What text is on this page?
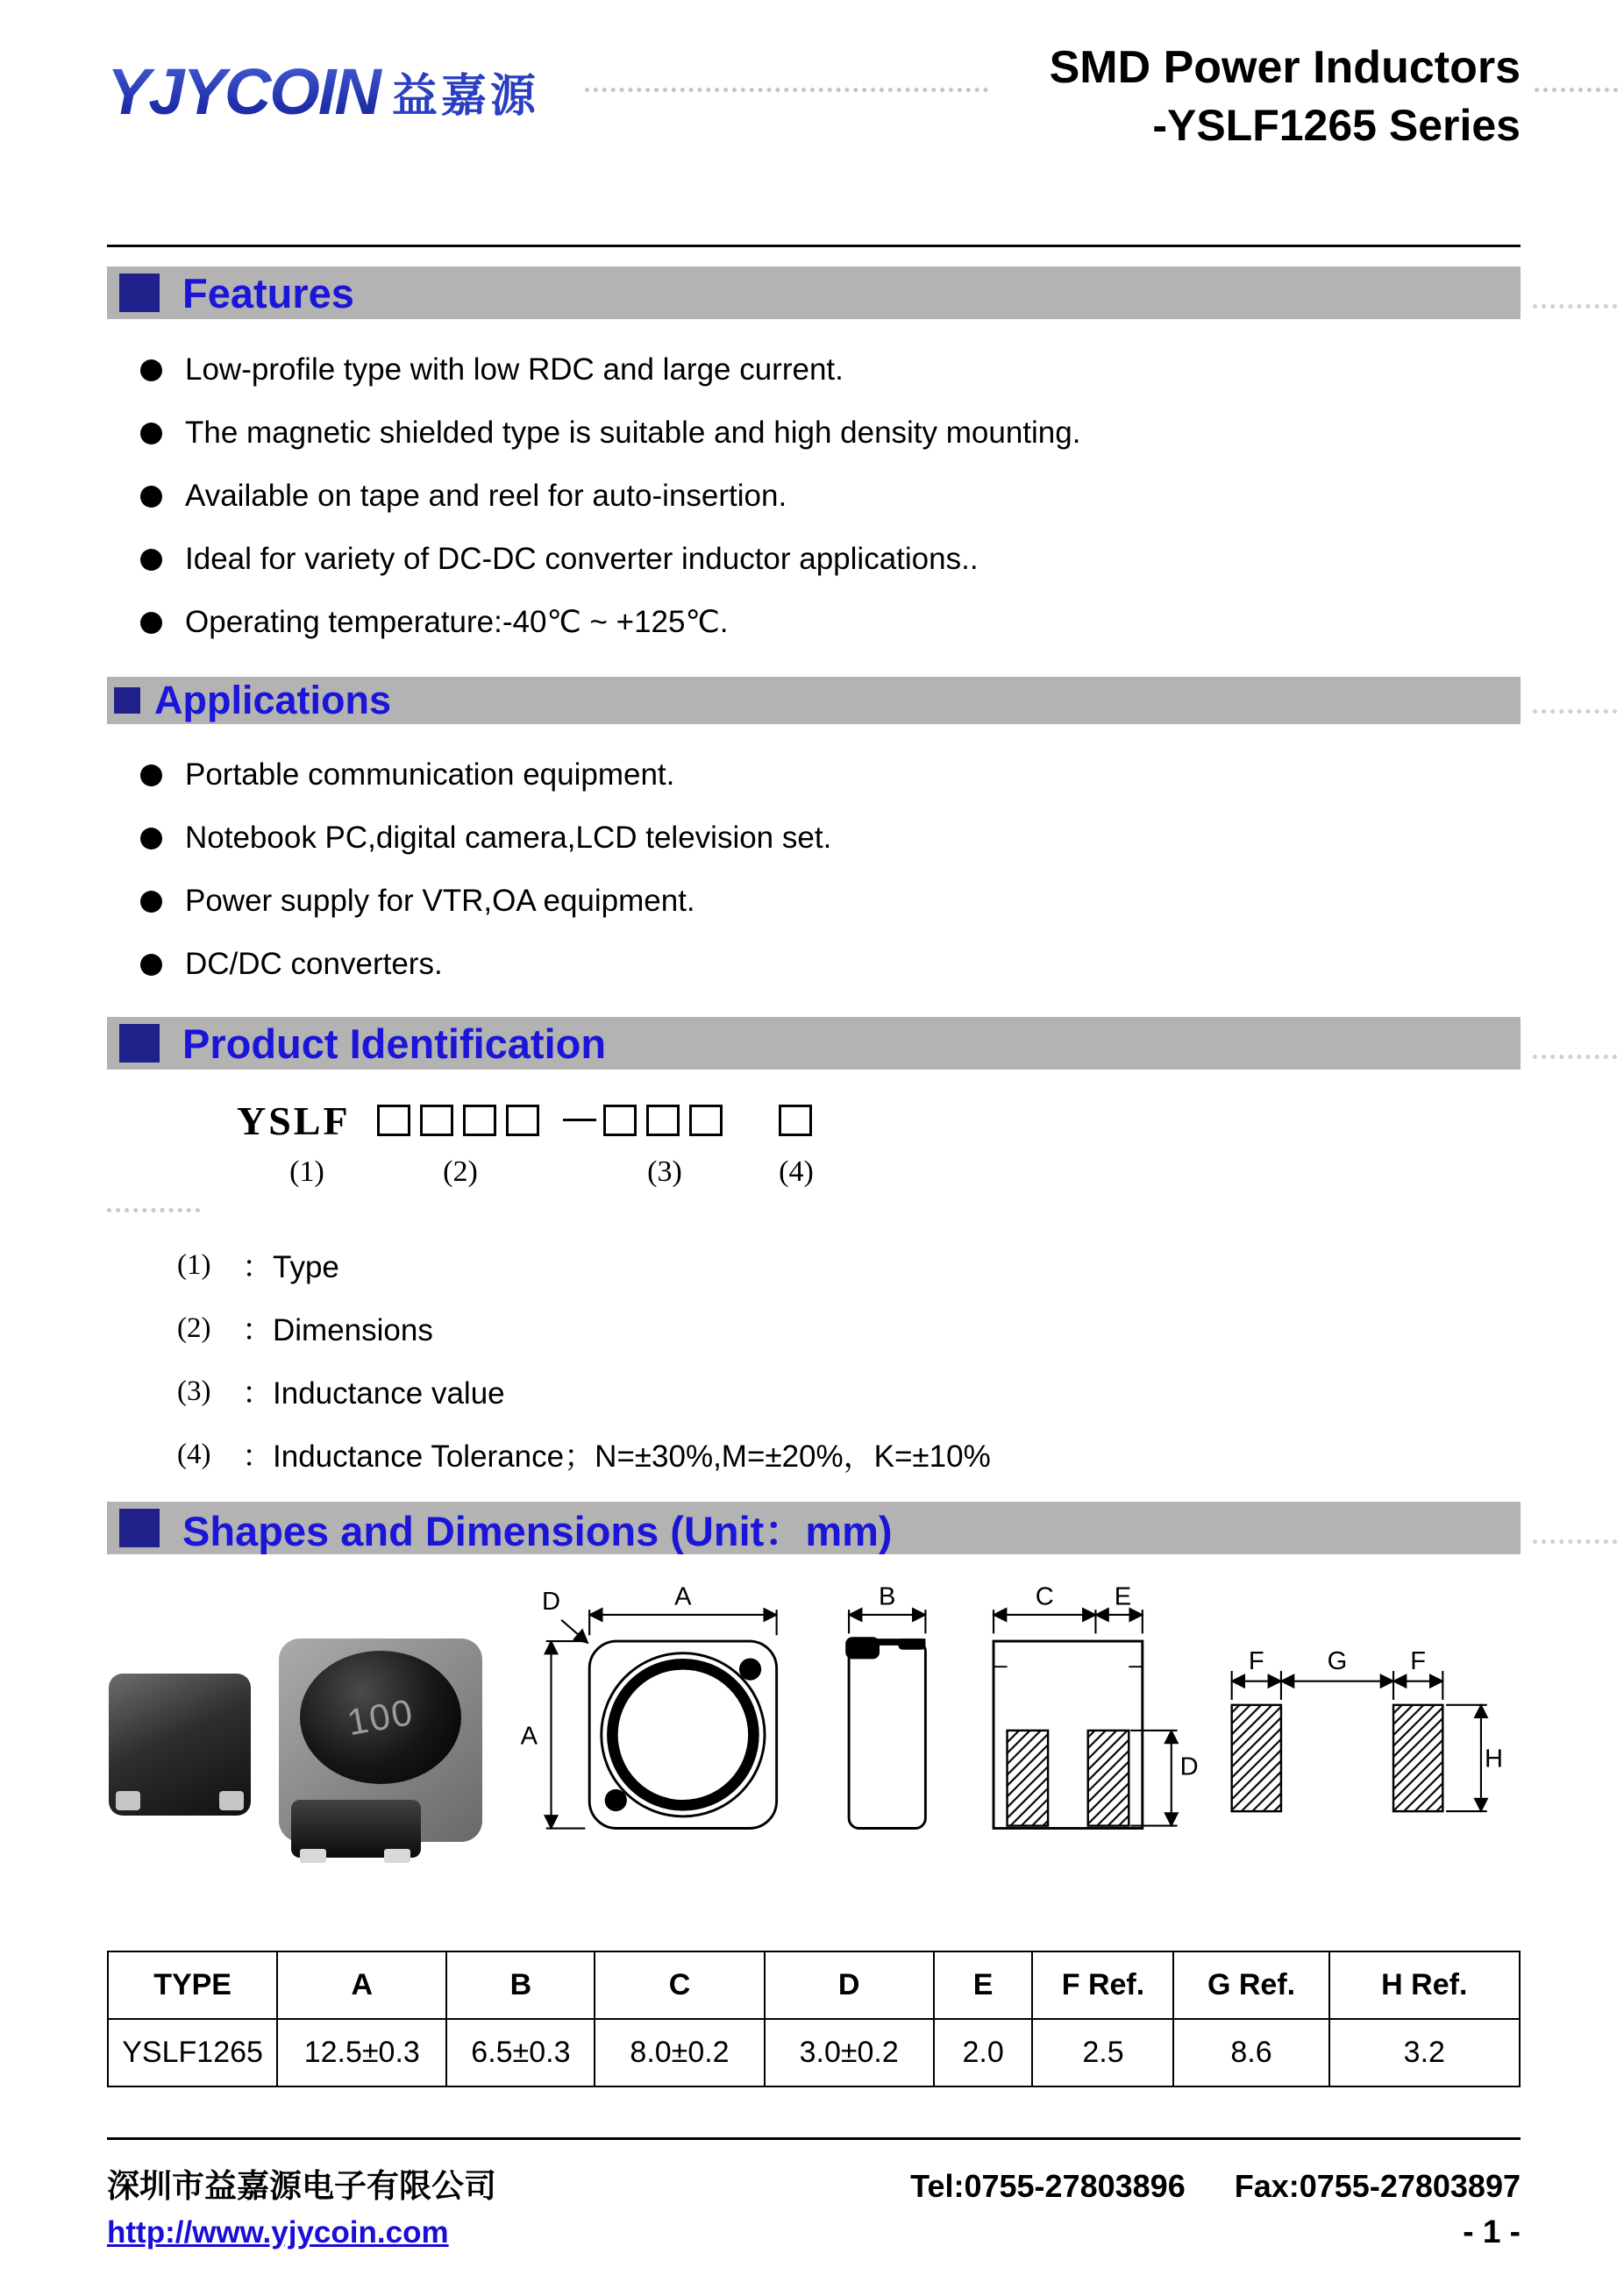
YJYCOIN 益嘉源
SMD Power Inductors
-YSLF1265 Series
Features
Low-profile type with low RDC and large current.
The magnetic shielded type is suitable and high density mounting.
Available on tape and reel for auto-insertion.
Ideal for variety of DC-DC converter inductor applications..
Operating temperature:-40℃ ~ +125℃.
Applications
Portable communication equipment.
Notebook PC,digital camera,LCD television set.
Power supply for VTR,OA equipment.
DC/DC converters.
Product Identification
YSLF
(1)	(2)	(3)	(4)
(1)	：Type
(2)	：Dimensions
(3)	：Inductance value
(4)	：Inductance Tolerance；N=±30%,M=±20%，K=±10%
Shapes and Dimensions (Unit：mm)
100
A
D
A
B	C E
D
F G F
H
TYPE	A	B	C	D	E	F Ref.	G Ref.	H Ref.
YSLF1265	12.5±0.3	6.5±0.3	8.0±0.2	3.0±0.2	2.0	2.5	8.6	3.2
深圳市益嘉源电子有限公司	Tel:0755-27803896 Fax:0755-27803897
http://www.yjycoin.com	- 1 -
